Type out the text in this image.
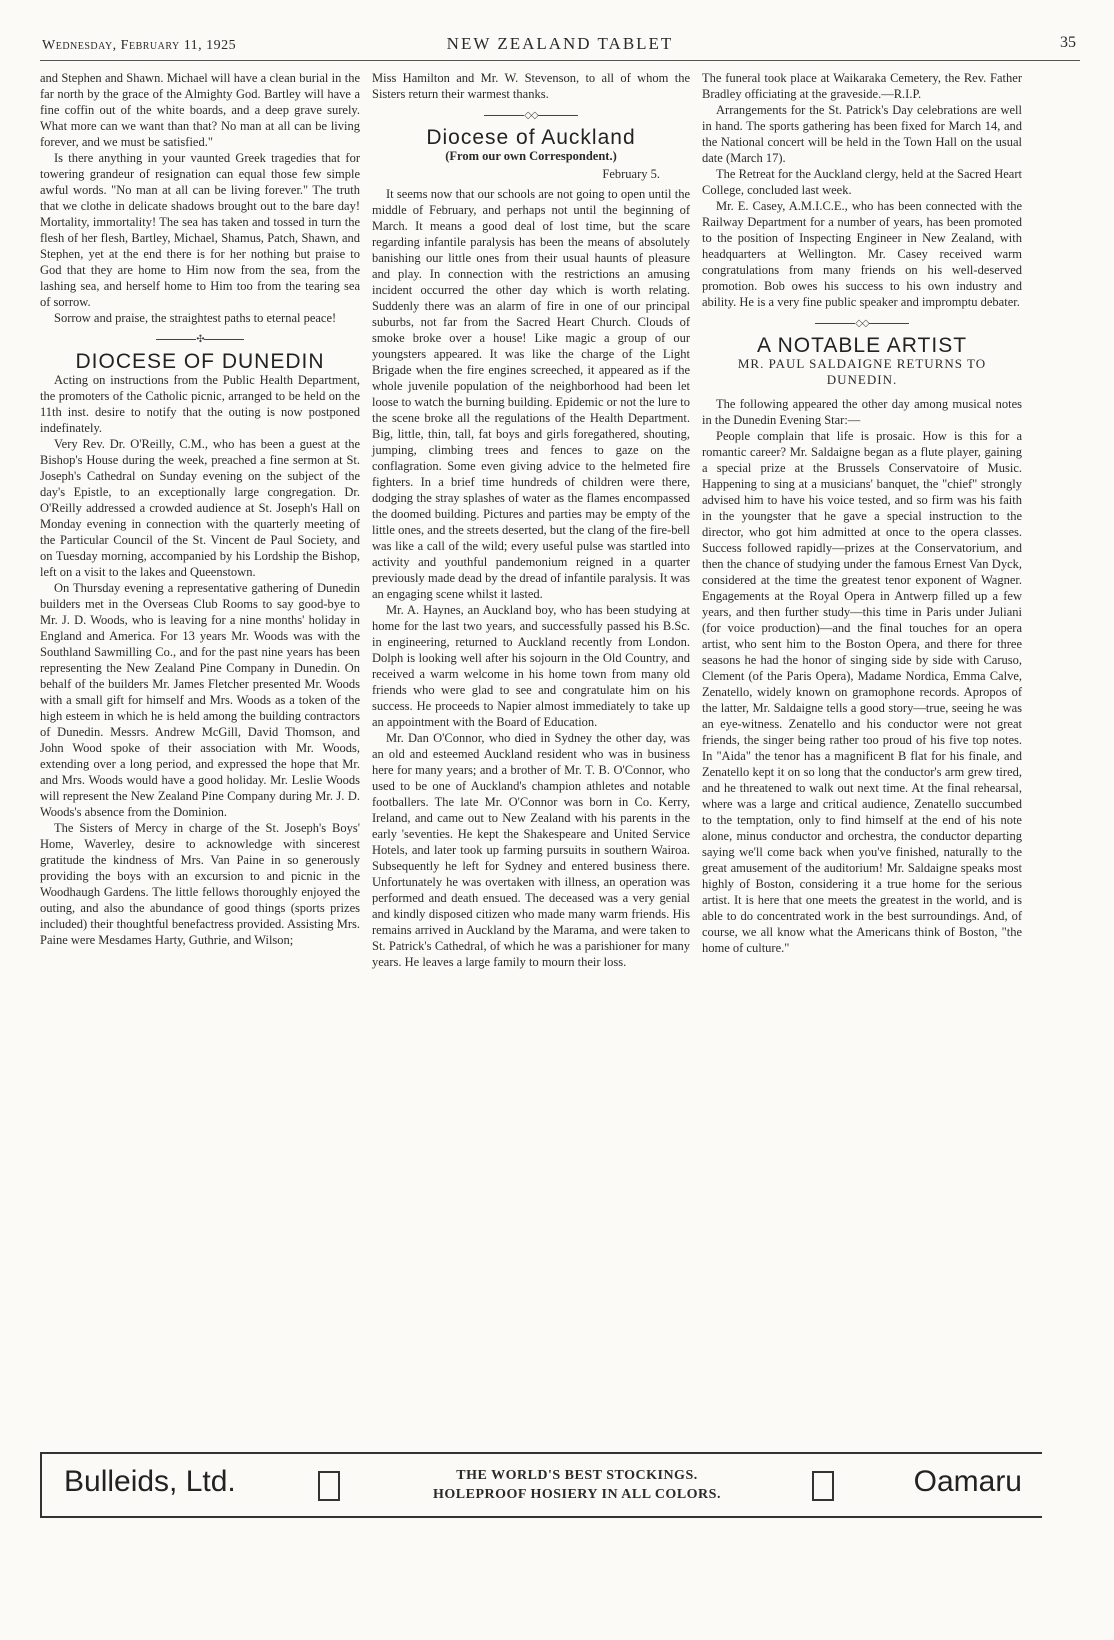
Wednesday, February 11, 1925	NEW ZEALAND TABLET	35

and Stephen and Shawn. Michael will have a clean burial in the far north by the grace of the Almighty God. Bartley will have a fine coffin out of the white boards, and a deep grave surely. What more can we want than that? No man at all can be living forever, and we must be satisfied."

Is there anything in your vaunted Greek tragedies that for towering grandeur of resignation can equal those few simple awful words. "No man at all can be living forever." The truth that we clothe in delicate shadows brought out to the bare day! Mortality, immortality! The sea has taken and tossed in turn the flesh of her flesh, Bartley, Michael, Shamus, Patch, Shawn, and Stephen, yet at the end there is for her nothing but praise to God that they are home to Him now from the sea, from the lashing sea, and herself home to Him too from the tearing sea of sorrow.

Sorrow and praise, the straightest paths to eternal peace!

✣
DIOCESE OF DUNEDIN

Acting on instructions from the Public Health Department, the promoters of the Catholic picnic, arranged to be held on the 11th inst. desire to notify that the outing is now postponed indefinately.

Very Rev. Dr. O'Reilly, C.M., who has been a guest at the Bishop's House during the week, preached a fine sermon at St. Joseph's Cathedral on Sunday evening on the subject of the day's Epistle, to an exceptionally large congregation. Dr. O'Reilly addressed a crowded audience at St. Joseph's Hall on Monday evening in connection with the quarterly meeting of the Particular Council of the St. Vincent de Paul Society, and on Tuesday morning, accompanied by his Lordship the Bishop, left on a visit to the lakes and Queenstown.

On Thursday evening a representative gathering of Dunedin builders met in the Overseas Club Rooms to say good-bye to Mr. J. D. Woods, who is leaving for a nine months' holiday in England and America. For 13 years Mr. Woods was with the Southland Sawmilling Co., and for the past nine years has been representing the New Zealand Pine Company in Dunedin. On behalf of the builders Mr. James Fletcher presented Mr. Woods with a small gift for himself and Mrs. Woods as a token of the high esteem in which he is held among the building contractors of Dunedin. Messrs. Andrew McGill, David Thomson, and John Wood spoke of their association with Mr. Woods, extending over a long period, and expressed the hope that Mr. and Mrs. Woods would have a good holiday. Mr. Leslie Woods will represent the New Zealand Pine Company during Mr. J. D. Woods's absence from the Dominion.

The Sisters of Mercy in charge of the St. Joseph's Boys' Home, Waverley, desire to acknowledge with sincerest gratitude the kindness of Mrs. Van Paine in so generously providing the boys with an excursion to and picnic in the Woodhaugh Gardens. The little fellows thoroughly enjoyed the outing, and also the abundance of good things (sports prizes included) their thoughtful benefactress provided. Assisting Mrs. Paine were Mesdames Harty, Guthrie, and Wilson;

Miss Hamilton and Mr. W. Stevenson, to all of whom the Sisters return their warmest thanks.

◇◇
Diocese of Auckland
(From our own Correspondent.)
February 5.

It seems now that our schools are not going to open until the middle of February, and perhaps not until the beginning of March. It means a good deal of lost time, but the scare regarding infantile paralysis has been the means of absolutely banishing our little ones from their usual haunts of pleasure and play. In connection with the restrictions an amusing incident occurred the other day which is worth relating. Suddenly there was an alarm of fire in one of our principal suburbs, not far from the Sacred Heart Church. Clouds of smoke broke over a house! Like magic a group of our youngsters appeared. It was like the charge of the Light Brigade when the fire engines screeched, it appeared as if the whole juvenile population of the neighborhood had been let loose to watch the burning building. Epidemic or not the lure to the scene broke all the regulations of the Health Department. Big, little, thin, tall, fat boys and girls foregathered, shouting, jumping, climbing trees and fences to gaze on the conflagration. Some even giving advice to the helmeted fire fighters. In a brief time hundreds of children were there, dodging the stray splashes of water as the flames encompassed the doomed building. Pictures and parties may be empty of the little ones, and the streets deserted, but the clang of the fire-bell was like a call of the wild; every useful pulse was startled into activity and youthful pandemonium reigned in a quarter previously made dead by the dread of infantile paralysis. It was an engaging scene whilst it lasted.

Mr. A. Haynes, an Auckland boy, who has been studying at home for the last two years, and successfully passed his B.Sc. in engineering, returned to Auckland recently from London. Dolph is looking well after his sojourn in the Old Country, and received a warm welcome in his home town from many old friends who were glad to see and congratulate him on his success. He proceeds to Napier almost immediately to take up an appointment with the Board of Education.

Mr. Dan O'Connor, who died in Sydney the other day, was an old and esteemed Auckland resident who was in business here for many years; and a brother of Mr. T. B. O'Connor, who used to be one of Auckland's champion athletes and notable footballers. The late Mr. O'Connor was born in Co. Kerry, Ireland, and came out to New Zealand with his parents in the early 'seventies. He kept the Shakespeare and United Service Hotels, and later took up farming pursuits in southern Wairoa. Subsequently he left for Sydney and entered business there. Unfortunately he was overtaken with illness, an operation was performed and death ensued. The deceased was a very genial and kindly disposed citizen who made many warm friends. His remains arrived in Auckland by the Marama, and were taken to St. Patrick's Cathedral, of which he was a parishioner for many years. He leaves a large family to mourn their loss.

The funeral took place at Waikaraka Cemetery, the Rev. Father Bradley officiating at the graveside.—R.I.P.

Arrangements for the St. Patrick's Day celebrations are well in hand. The sports gathering has been fixed for March 14, and the National concert will be held in the Town Hall on the usual date (March 17).

The Retreat for the Auckland clergy, held at the Sacred Heart College, concluded last week.

Mr. E. Casey, A.M.I.C.E., who has been connected with the Railway Department for a number of years, has been promoted to the position of Inspecting Engineer in New Zealand, with headquarters at Wellington. Mr. Casey received warm congratulations from many friends on his well-deserved promotion. Bob owes his success to his own industry and ability. He is a very fine public speaker and impromptu debater.

◇◇
A NOTABLE ARTIST
MR. PAUL SALDAIGNE RETURNS TO DUNEDIN.

The following appeared the other day among musical notes in the Dunedin Evening Star:—

People complain that life is prosaic. How is this for a romantic career? Mr. Saldaigne began as a flute player, gaining a special prize at the Brussels Conservatoire of Music. Happening to sing at a musicians' banquet, the "chief" strongly advised him to have his voice tested, and so firm was his faith in the youngster that he gave a special instruction to the director, who got him admitted at once to the opera classes. Success followed rapidly—prizes at the Conservatorium, and then the chance of studying under the famous Ernest Van Dyck, considered at the time the greatest tenor exponent of Wagner. Engagements at the Royal Opera in Antwerp filled up a few years, and then further study—this time in Paris under Juliani (for voice production)—and the final touches for an opera artist, who sent him to the Boston Opera, and there for three seasons he had the honor of singing side by side with Caruso, Clement (of the Paris Opera), Madame Nordica, Emma Calve, Zenatello, widely known on gramophone records. Apropos of the latter, Mr. Saldaigne tells a good story—true, seeing he was an eye-witness. Zenatello and his conductor were not great friends, the singer being rather too proud of his five top notes. In "Aida" the tenor has a magnificent B flat for his finale, and Zenatello kept it on so long that the conductor's arm grew tired, and he threatened to walk out next time. At the final rehearsal, where was a large and critical audience, Zenatello succumbed to the temptation, only to find himself at the end of his note alone, minus conductor and orchestra, the conductor departing saying we'll come back when you've finished, naturally to the great amusement of the auditorium! Mr. Saldaigne speaks most highly of Boston, considering it a true home for the serious artist. It is here that one meets the greatest in the world, and is able to do concentrated work in the best surroundings. And, of course, we all know what the Americans think of Boston, "the home of culture."

Bulleids, Ltd.	THE WORLD'S BEST STOCKINGS.
HOLEPROOF HOSIERY IN ALL COLORS.	Oamaru
